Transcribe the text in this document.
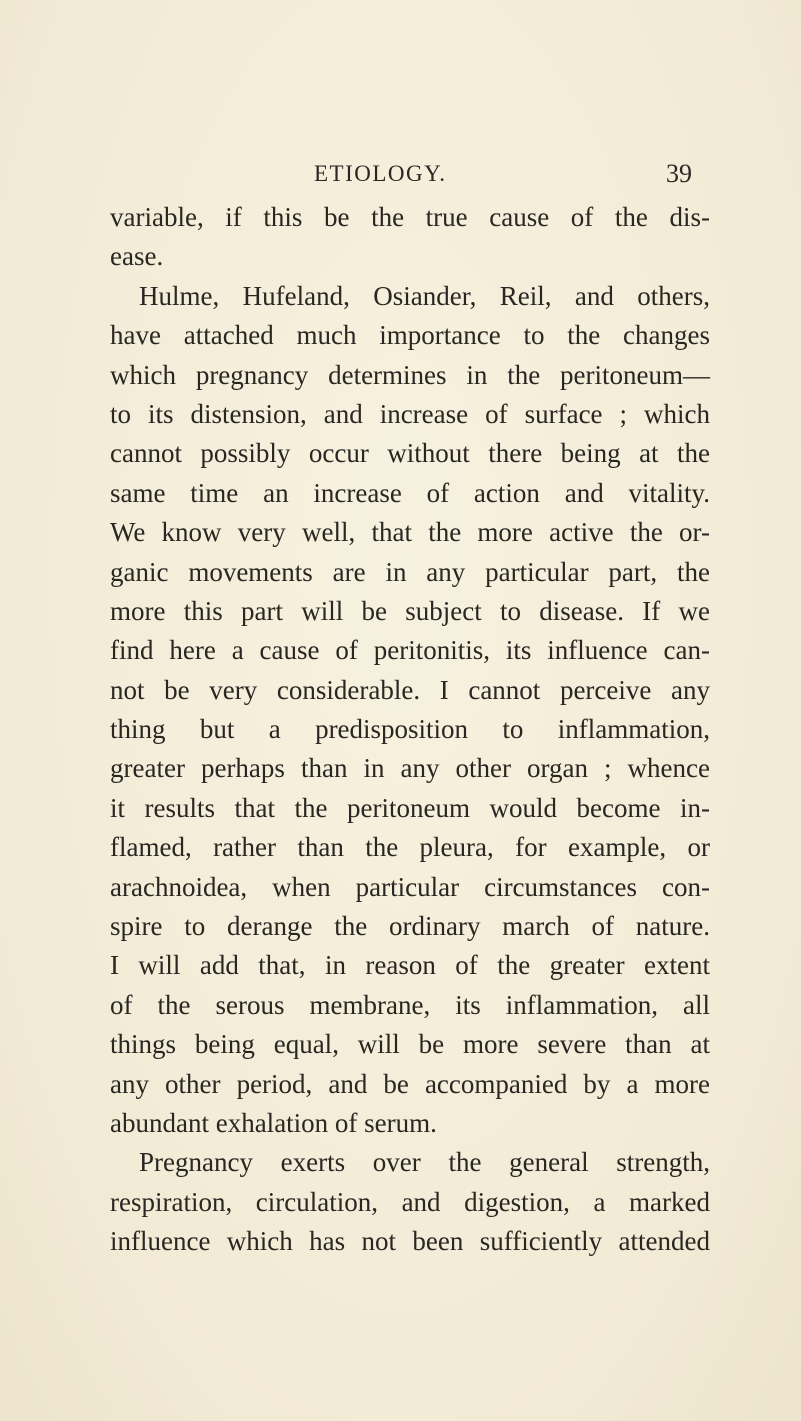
ETIOLOGY.	39
variable, if this be the true cause of the dis-
ease.
Hulme, Hufeland, Osiander, Reil, and others,
have attached much importance to the changes
which pregnancy determines in the peritoneum—
to its distension, and increase of surface ; which
cannot possibly occur without there being at the
same time an increase of action and vitality.
We know very well, that the more active the or-
ganic movements are in any particular part, the
more this part will be subject to disease. If we
find here a cause of peritonitis, its influence can-
not be very considerable. I cannot perceive any
thing but a predisposition to inflammation,
greater perhaps than in any other organ ; whence
it results that the peritoneum would become in-
flamed, rather than the pleura, for example, or
arachnoidea, when particular circumstances con-
spire to derange the ordinary march of nature.
I will add that, in reason of the greater extent
of the serous membrane, its inflammation, all
things being equal, will be more severe than at
any other period, and be accompanied by a more
abundant exhalation of serum.
Pregnancy exerts over the general strength,
respiration, circulation, and digestion, a marked
influence which has not been sufficiently attended
